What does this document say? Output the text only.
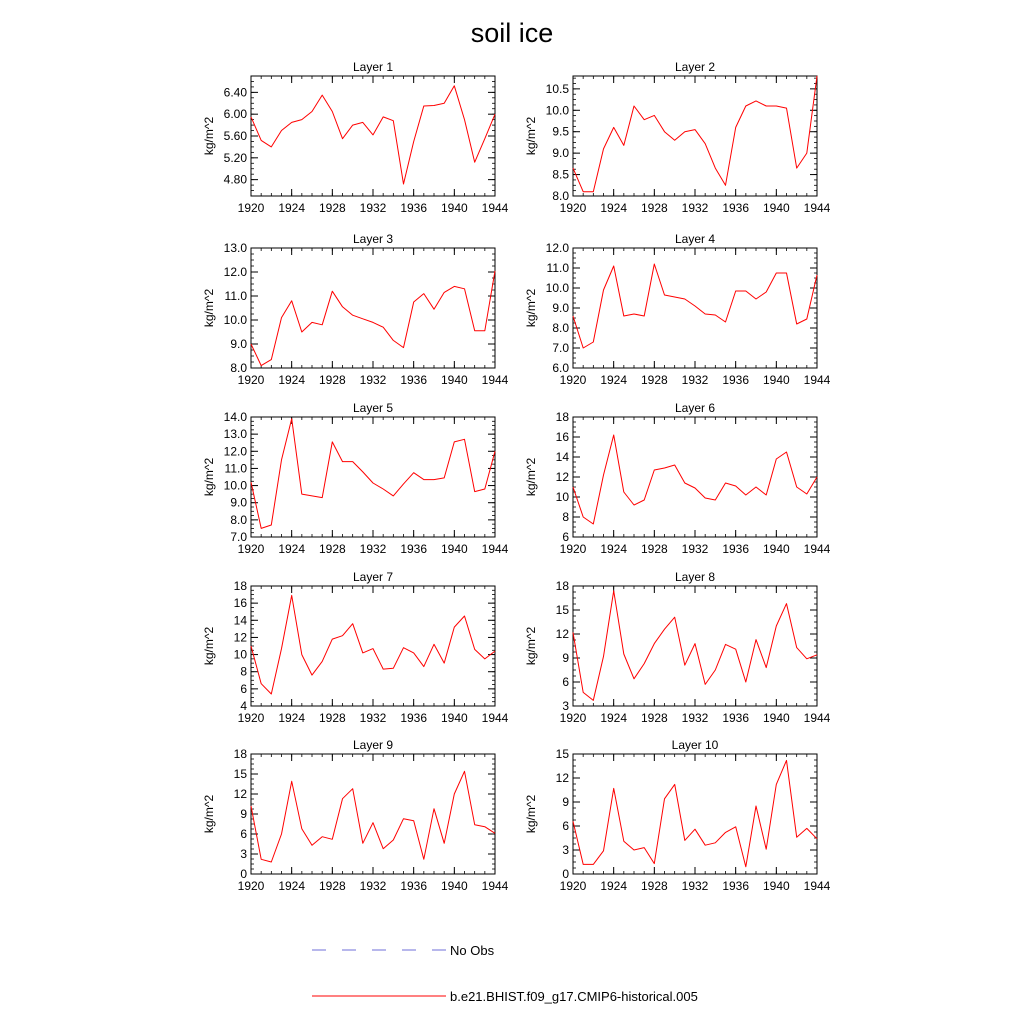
soil ice
Layer 1
kg/m^2
1920 1924 1928 1932 1936 1940 1944
4.80
5.20
5.60
6.00
6.40
Layer 2
kg/m^2
1920 1924 1928 1932 1936 1940 1944
8.0
8.5
9.0
9.5
10.0
10.5
Layer 3
kg/m^2
1920 1924 1928 1932 1936 1940 1944
8.0
9.0
10.0
11.0
12.0
13.0
Layer 4
kg/m^2
1920 1924 1928 1932 1936 1940 1944
6.0
7.0
8.0
9.0
10.0
11.0
12.0
Layer 5
kg/m^2
1920 1924 1928 1932 1936 1940 1944
7.0
8.0
9.0
10.0
11.0
12.0
13.0
14.0
Layer 6
kg/m^2
1920 1924 1928 1932 1936 1940 1944
6
8
10
12
14
16
18
Layer 7
kg/m^2
1920 1924 1928 1932 1936 1940 1944
4
6
8
10
12
14
16
18
Layer 8
kg/m^2
1920 1924 1928 1932 1936 1940 1944
3
6
9
12
15
18
Layer 9
kg/m^2
1920 1924 1928 1932 1936 1940 1944
0
3
6
9
12
15
18
Layer 10
kg/m^2
1920 1924 1928 1932 1936 1940 1944
0
3
6
9
12
15
No Obs
b.e21.BHIST.f09_g17.CMIP6-historical.005
